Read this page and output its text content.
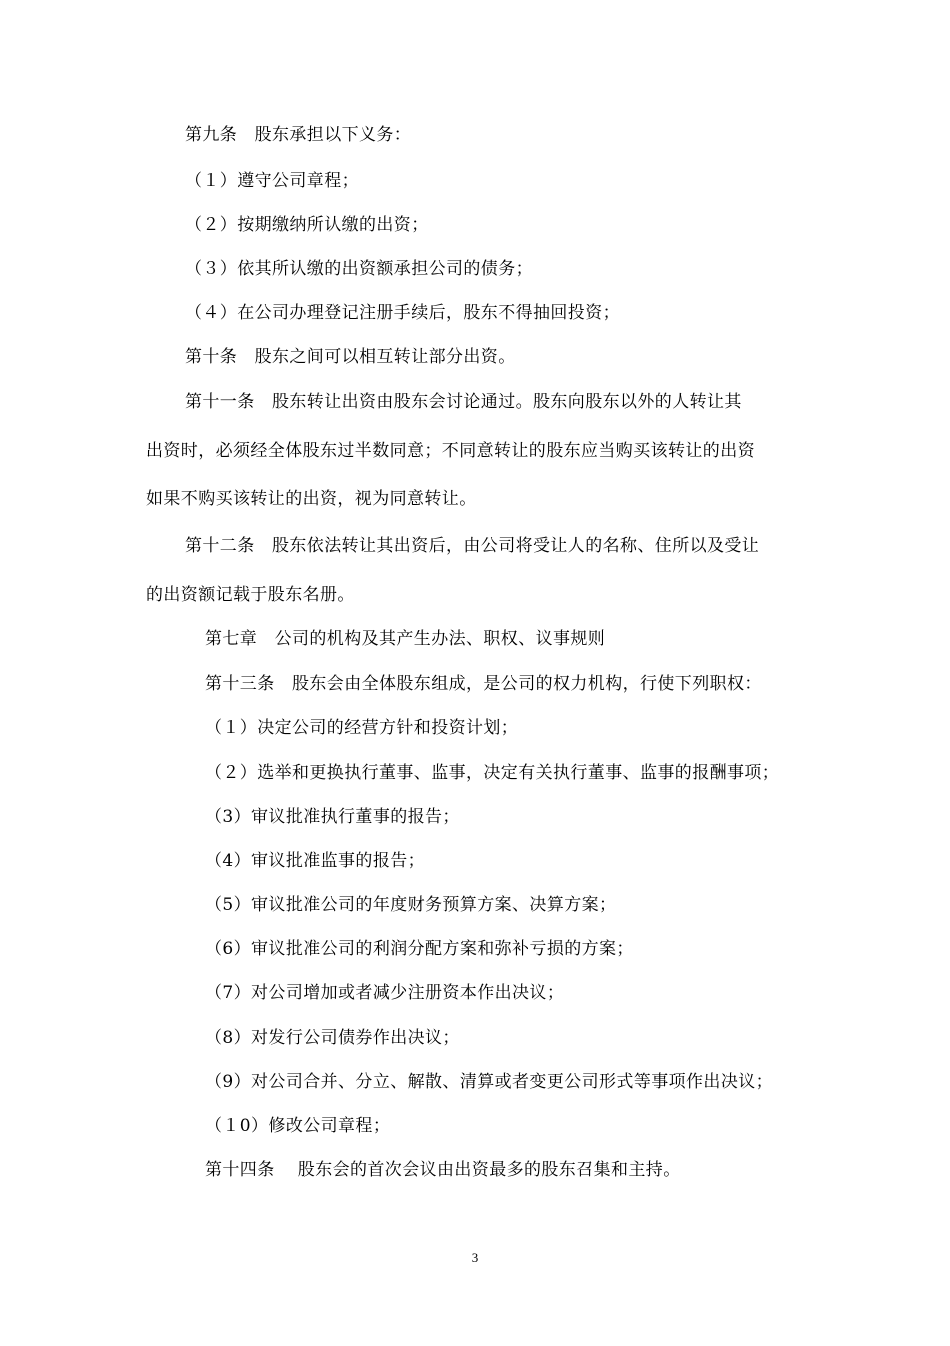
第九条　股东承担以下义务：
（１）遵守公司章程；
（２）按期缴纳所认缴的出资；
（３）依其所认缴的出资额承担公司的债务；
（４）在公司办理登记注册手续后，股东不得抽回投资；
第十条　股东之间可以相互转让部分出资。
第十一条　股东转让出资由股东会讨论通过。股东向股东以外的人转让其
出资时，必须经全体股东过半数同意；不同意转让的股东应当购买该转让的出资
如果不购买该转让的出资，视为同意转让。
第十二条　股东依法转让其出资后，由公司将受让人的名称、住所以及受让
的出资额记载于股东名册。
第七章　公司的机构及其产生办法、职权、议事规则
第十三条　股东会由全体股东组成，是公司的权力机构，行使下列职权：
（１）决定公司的经营方针和投资计划；
（２）选举和更换执行董事、监事，决定有关执行董事、监事的报酬事项；
（3）审议批准执行董事的报告；
（4）审议批准监事的报告；
（5）审议批准公司的年度财务预算方案、决算方案；
（6）审议批准公司的利润分配方案和弥补亏损的方案；
（7）对公司增加或者减少注册资本作出决议；
（8）对发行公司债券作出决议；
（9）对公司合并、分立、解散、清算或者变更公司形式等事项作出决议；
（１0）修改公司章程；
第十四条　 股东会的首次会议由出资最多的股东召集和主持。
3
